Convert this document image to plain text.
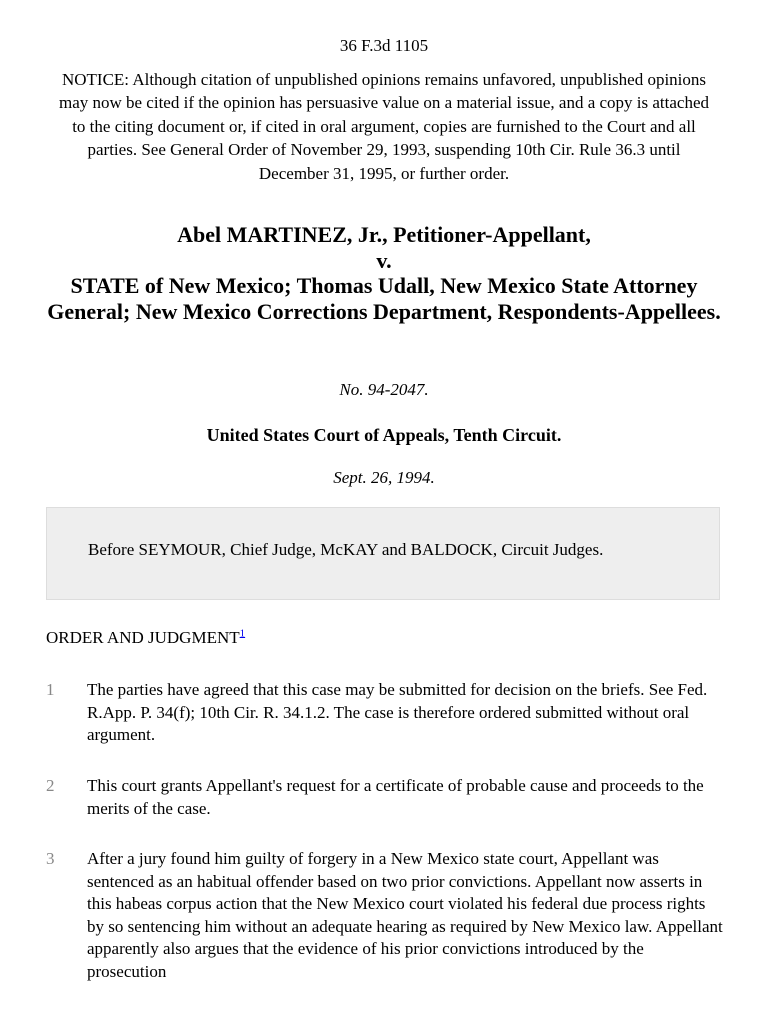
36 F.3d 1105
NOTICE: Although citation of unpublished opinions remains unfavored, unpublished opinions may now be cited if the opinion has persuasive value on a material issue, and a copy is attached to the citing document or, if cited in oral argument, copies are furnished to the Court and all parties. See General Order of November 29, 1993, suspending 10th Cir. Rule 36.3 until December 31, 1995, or further order.
Abel MARTINEZ, Jr., Petitioner-Appellant,
v.
STATE of New Mexico; Thomas Udall, New Mexico State Attorney General; New Mexico Corrections Department, Respondents-Appellees.
No. 94-2047.
United States Court of Appeals, Tenth Circuit.
Sept. 26, 1994.
Before SEYMOUR, Chief Judge, McKAY and BALDOCK, Circuit Judges.
ORDER AND JUDGMENT$^1$
1 The parties have agreed that this case may be submitted for decision on the briefs. See Fed. R.App. P. 34(f); 10th Cir. R. 34.1.2. The case is therefore ordered submitted without oral argument.
2 This court grants Appellant's request for a certificate of probable cause and proceeds to the merits of the case.
3 After a jury found him guilty of forgery in a New Mexico state court, Appellant was sentenced as an habitual offender based on two prior convictions. Appellant now asserts in this habeas corpus action that the New Mexico court violated his federal due process rights by so sentencing him without an adequate hearing as required by New Mexico law. Appellant apparently also argues that the evidence of his prior convictions introduced by the prosecution
